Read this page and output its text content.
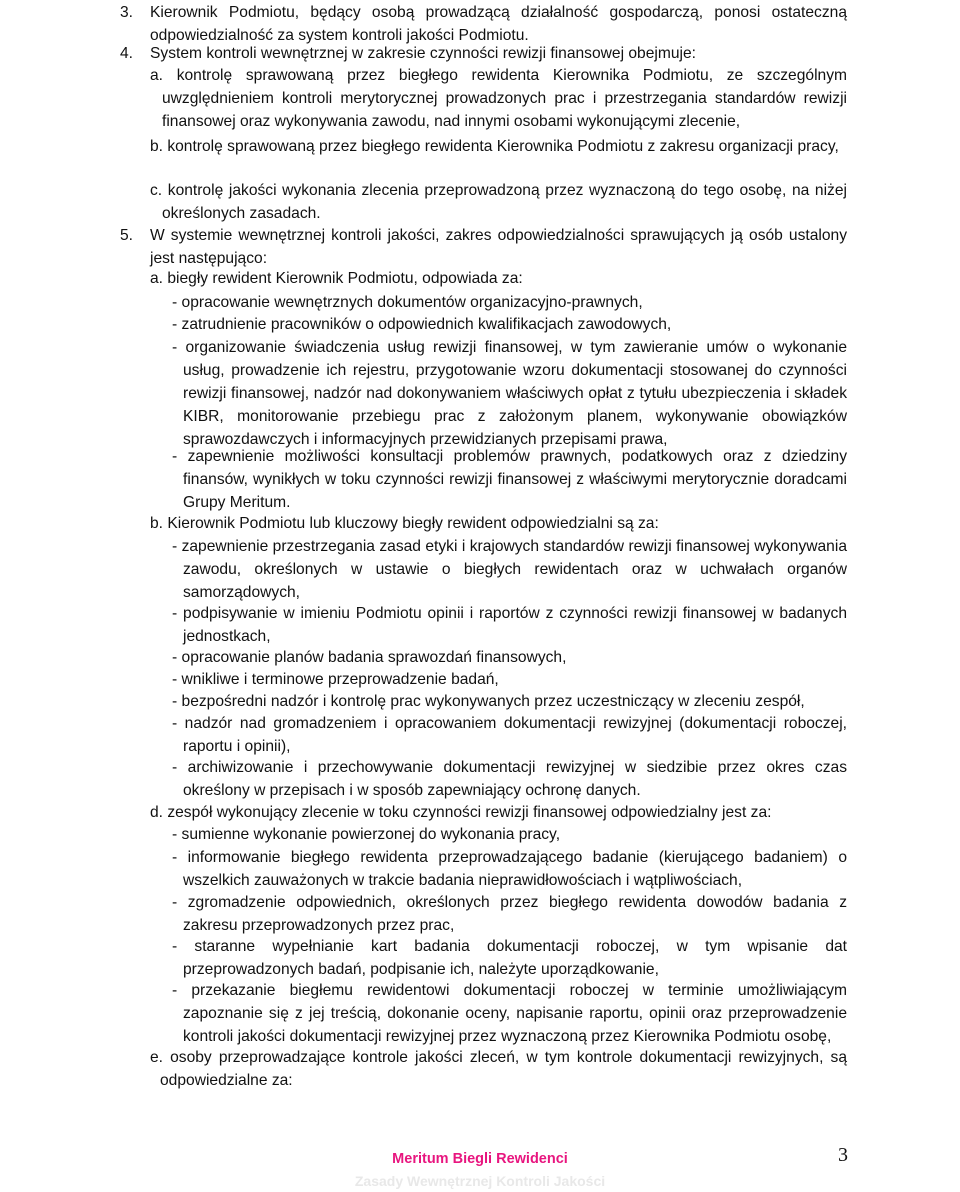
3. Kierownik Podmiotu, będący osobą prowadzącą działalność gospodarczą, ponosi ostateczną odpowiedzialność za system kontroli jakości Podmiotu.

4. System kontroli wewnętrznej w zakresie czynności rewizji finansowej obejmuje:

a. kontrolę sprawowaną przez biegłego rewidenta Kierownika Podmiotu, ze szczególnym uwzględnieniem kontroli merytorycznej prowadzonych prac i przestrzegania standardów rewizji finansowej oraz wykonywania zawodu, nad innymi osobami wykonującymi zlecenie,

b. kontrolę sprawowaną przez biegłego rewidenta Kierownika Podmiotu z zakresu organizacji pracy,

c. kontrolę jakości wykonania zlecenia przeprowadzoną przez wyznaczoną do tego osobę, na niżej określonych zasadach.

5. W systemie wewnętrznej kontroli jakości, zakres odpowiedzialności sprawujących ją osób ustalony jest następująco:

a. biegły rewident Kierownik Podmiotu, odpowiada za:

- opracowanie wewnętrznych dokumentów organizacyjno-prawnych,

- zatrudnienie pracowników o odpowiednich kwalifikacjach zawodowych,

- organizowanie świadczenia usług rewizji finansowej, w tym zawieranie umów o wykonanie usług, prowadzenie ich rejestru, przygotowanie wzoru dokumentacji stosowanej do czynności rewizji finansowej, nadzór nad dokonywaniem właściwych opłat z tytułu ubezpieczenia i składek KIBR, monitorowanie przebiegu prac z założonym planem, wykonywanie obowiązków sprawozdawczych i informacyjnych przewidzianych przepisami prawa,

- zapewnienie możliwości konsultacji problemów prawnych, podatkowych oraz z dziedziny finansów, wynikłych w toku czynności rewizji finansowej z właściwymi merytorycznie doradcami Grupy Meritum.

b. Kierownik Podmiotu lub kluczowy biegły rewident odpowiedzialni są za:

- zapewnienie przestrzegania zasad etyki i krajowych standardów rewizji finansowej wykonywania zawodu, określonych w ustawie o biegłych rewidentach oraz w uchwałach organów samorządowych,

- podpisywanie w imieniu Podmiotu opinii i raportów z czynności rewizji finansowej w badanych jednostkach,

- opracowanie planów badania sprawozdań finansowych,

- wnikliwe i terminowe przeprowadzenie badań,

- bezpośredni nadzór i kontrolę prac wykonywanych przez uczestniczący w zleceniu zespół,

- nadzór nad gromadzeniem i opracowaniem dokumentacji rewizyjnej (dokumentacji roboczej, raportu i opinii),

- archiwizowanie i przechowywanie dokumentacji rewizyjnej w siedzibie przez okres czas określony w przepisach i w sposób zapewniający ochronę danych.

d. zespół wykonujący zlecenie w toku czynności rewizji finansowej odpowiedzialny jest za:

- sumienne wykonanie powierzonej do wykonania pracy,

- informowanie biegłego rewidenta przeprowadzającego badanie (kierującego badaniem) o wszelkich zauważonych w trakcie badania nieprawidłowościach i wątpliwościach,

- zgromadzenie odpowiednich, określonych przez biegłego rewidenta dowodów badania z zakresu przeprowadzonych przez prac,

- staranne wypełnianie kart badania dokumentacji roboczej, w tym wpisanie dat przeprowadzonych badań, podpisanie ich, należyte uporządkowanie,

- przekazanie biegłemu rewidentowi dokumentacji roboczej w terminie umożliwiającym zapoznanie się z jej treścią, dokonanie oceny, napisanie raportu, opinii oraz przeprowadzenie kontroli jakości dokumentacji rewizyjnej przez wyznaczoną przez Kierownika Podmiotu osobę,

e. osoby przeprowadzające kontrole jakości zleceń, w tym kontrole dokumentacji rewizyjnych, są odpowiedzialne za:

Meritum Biegli Rewidenci
Zasady Wewnętrznej Kontroli Jakości
3
